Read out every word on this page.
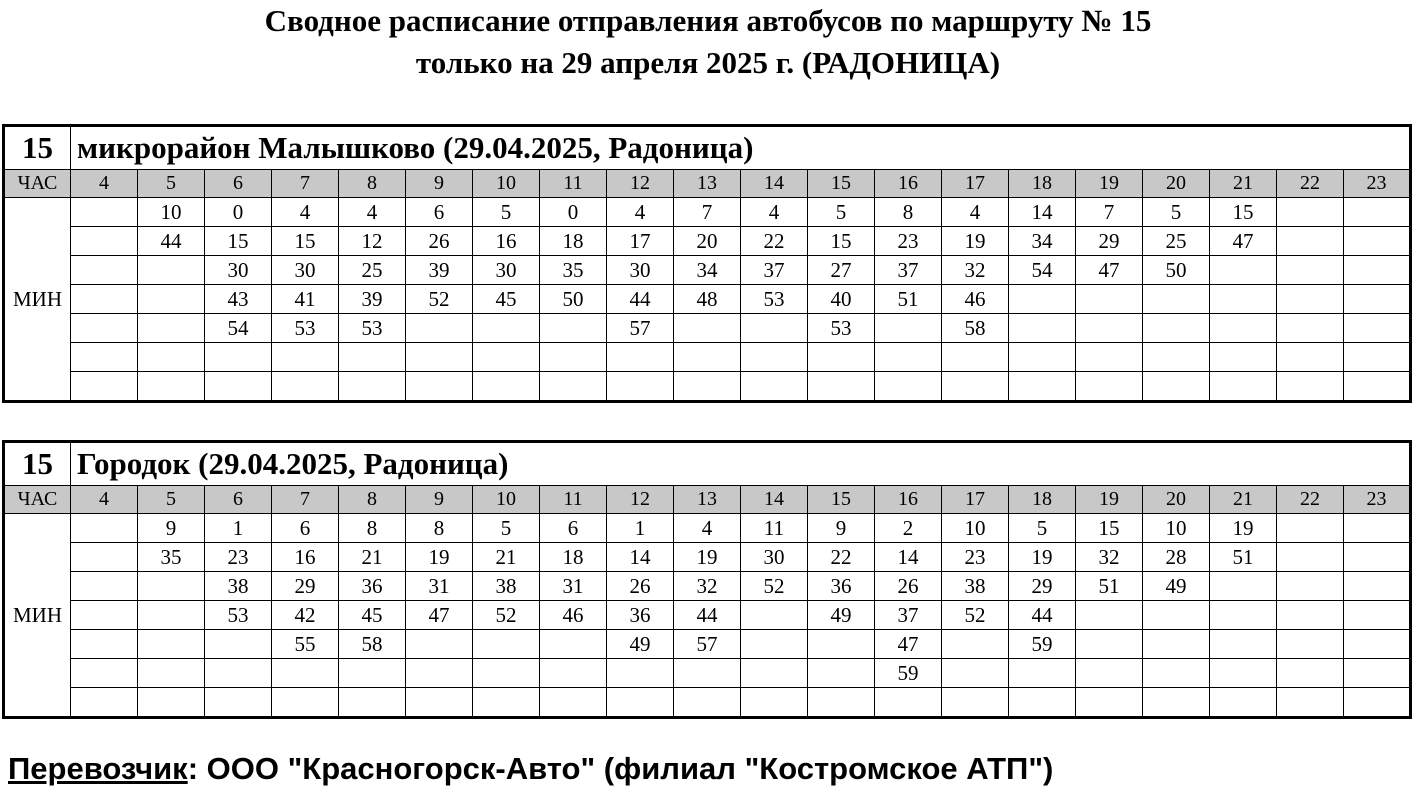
Сводное расписание отправления автобусов по маршруту № 15
только на 29 апреля 2025 г. (РАДОНИЦА)
15	микрорайон Малышково (29.04.2025, Радоница)																			
ЧАС	4	5	6	7	8	9	10	11	12	13	14	15	16	17	18	19	20	21	22	23
МИН		10	0	4	4	6	5	0	4	7	4	5	8	4	14	7	5	15		
		44	15	15	12	26	16	18	17	20	22	15	23	19	34	29	25	47		
			30	30	25	39	30	35	30	34	37	27	37	32	54	47	50			
			43	41	39	52	45	50	44	48	53	40	51	46						
			54	53	53				57			53		58						

15	Городок (29.04.2025, Радоница)																			
ЧАС	4	5	6	7	8	9	10	11	12	13	14	15	16	17	18	19	20	21	22	23
МИН		9	1	6	8	8	5	6	1	4	11	9	2	10	5	15	10	19		
		35	23	16	21	19	21	18	14	19	30	22	14	23	19	32	28	51		
			38	29	36	31	38	31	26	32	52	36	26	38	29	51	49			
			53	42	45	47	52	46	36	44		49	37	52	44					
				55	58				49	57			47		59					
													59							

Перевозчик: ООО "Красногорск-Авто" (филиал "Костромское АТП")
